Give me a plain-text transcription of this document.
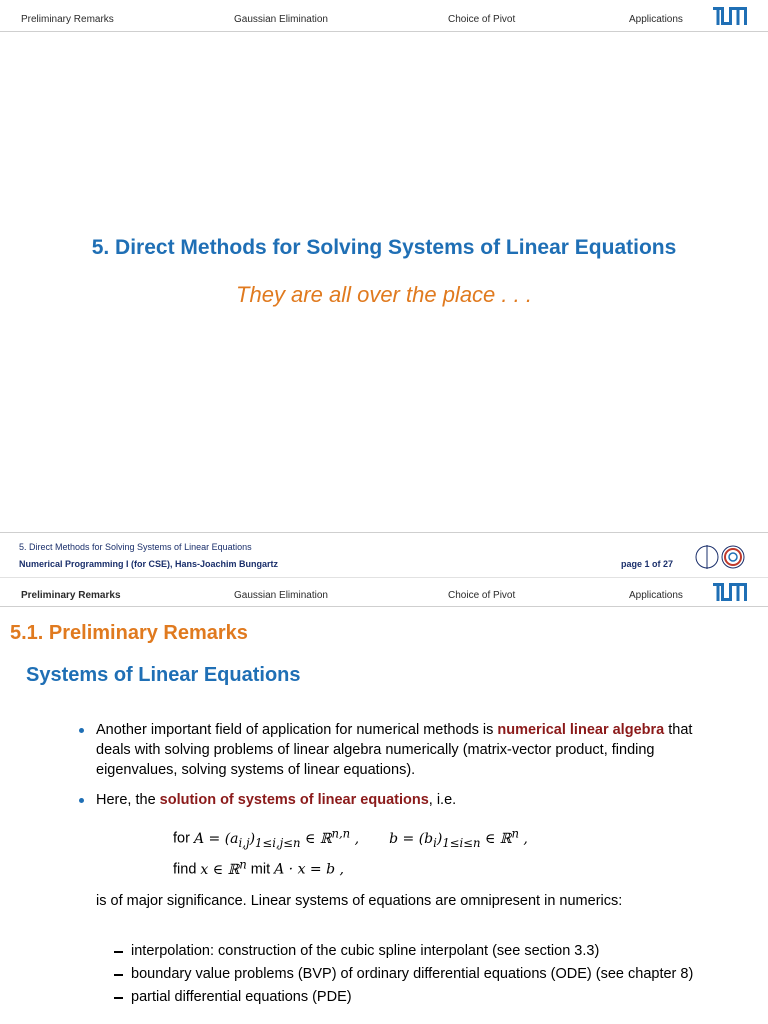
Preliminary Remarks	Gaussian Elimination	Choice of Pivot	Applications
5. Direct Methods for Solving Systems of Linear Equations
They are all over the place . . .
5. Direct Methods for Solving Systems of Linear Equations
Numerical Programming I (for CSE), Hans-Joachim Bungartz	page 1 of 27
Preliminary Remarks	Gaussian Elimination	Choice of Pivot	Applications
5.1. Preliminary Remarks
Systems of Linear Equations
Another important field of application for numerical methods is numerical linear algebra that deals with solving problems of linear algebra numerically (matrix-vector product, finding eigenvalues, solving systems of linear equations).
Here, the solution of systems of linear equations, i.e.
for $A = (a_{i,j})_{1\le i,j\le n}$ ∈ ℝ$^{n,n}$ , $b = (b_i)_{1\le i\le n}$ ∈ ℝ$^n$ ,
find x ∈ ℝ$^n$ mit A · x = b ,
is of major significance. Linear systems of equations are omnipresent in numerics:
interpolation: construction of the cubic spline interpolant (see section 3.3)
boundary value problems (BVP) of ordinary differential equations (ODE) (see chapter 8)
partial differential equations (PDE)
